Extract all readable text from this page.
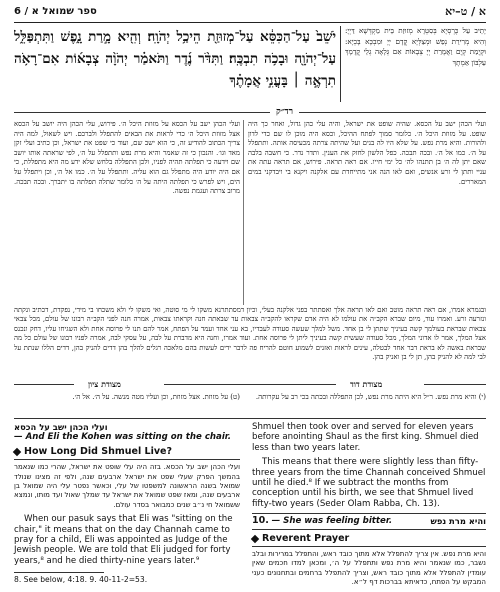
6 / ספר שמואל א	א / ט–יא
יֹשֵׁב֙ עַל־הַכִּסֵּ֔א עַל־מְזוּזַ֖ת הֵיכַ֥ל יְהֹוָֽה׃ וְהִ֖יא מָ֣רַת נָ֑פֶשׁ וַתִּתְפַּלֵּ֥ל עַל־יְהֹוָ֖ה וּבָכֹ֥ה תִבְכֶּֽה׃ וַתִּדֹּ֨ר נֶ֜דֶר וַתֹּאמַ֗ר יְהֹוָ֨ה צְבָא֜וֹת אִם־רָאֹ֥ה תִרְאֶ֣ה ׀ בָּעֳנִ֣י אֲמָתֶ֗ךָ
יָתֵיב עַל כֻּרְסְיָא בְּסִטְרָא מְזוּזַת בֵּית מַקְדְּשָׁא דַּיְיָ: וְהִיא מְרִירַת נְפַשׁ וּמְצַלְּיָא קֳדָם יְיָ וּמִבְכָּא בָּכְיָא: וּקְיָמַת קְיָם וַאֲמָרַת יְיָ צְבָאוֹת אִם גְּלָאָה גְלֵי קֳדָמָךְ עַלְבּוֹן אַמְתָךְ
רד״ק
ועלי הכהן ישב על הכסא על מזוזת היכל ה׳. פירוש, עלי הכהן היה יושב על הכסא אצל מזוזת היכל ה׳ כדי לראות את הבאים להתפלל ולברכם. ויש לשאול, למה היה צריך הכתוב להודיע זה, כי הוא ישב שם, ועוד כי שפט את ישראל, וכן כתיב ועלי זקן מאד וגו׳. והנכון כי זה שאמר והיא מרת נפש ותתפלל על ה׳, לפי שראתה אותו יושב שם וידעה כי תפלתה תהיה לפניו, ולכן התפללה בלחש שלא ידע מה היא מתפללת, כי אם היה יודע היה מתפלל גם הוא עליה. ותתפלל על ה׳. כמו אל ה׳, וכן ויתפלל על הים, ויש לפרש כי תפלתה היתה על ה׳ כלומר שתלה תפלתה בו יתברך. ובכה תבכה. מרוב צרתה ועגמת נפשה.
ועלי הכהן ישב על הכסא. שהיה שופט את ישראל, והיה עלי כהן גדול, ואחר כך היה שופט. על מזוזת היכל ה׳. כלומר סמוך לפתח ההיכל, וכסא היה מוכן לו שם כדי לדון ולהורות. והיא מרת נפש. על שלא היו לה בנים ועל שהיתה צרתה מכעיסה אותה. ותתפלל על ה׳. כמו אל ה׳. ובכה תבכה. כפל הלשון לחזק את הענין. ותדר נדר. כי חשבה בלבה שאם יתן לה ה׳ בן תתנהו לה׳ כל ימי חייו. אם ראה תראה. פירוש, אם תראה עתה את עניי ותתן לי זרע אנשים, ואם לאו הנה אני מתייחדת עם אלקנה ויקנא בי ויבדקני במים המאררים.
ובגמרא אמרו, אם ראה תראה מוטב ואם לאו תראה אלך ואסתתר בפני אלקנה בעלי, וכיון דמסתתרנא משקו לי מי סוטה, ואי משקו לי ולא משכחו בי מידי, נפקדת, דכתיב ונקתה ונזרעה זרע. ואמרו עוד, מיום שברא הקב״ה את עולמו לא היה אדם שקראו להקב״ה צבאות עד שבאתה חנה וקראתו צבאות, אמרה חנה לפני הקב״ה רבונו של עולם, מכל צבאי צבאות שבראת בעולמך קשה בעיניך שתתן לי בן אחד. משל למלך שעשה סעודה לעבדיו, בא עני אחד ועמד על הפתח, אמר להם תנו לי פרוסה אחת ולא השגיחו עליו, דחק ונכנס אצל המלך, אמר לו אדוני המלך, מכל סעודה שעשית קשה בעיניך ליתן לי פרוסה אחת. ועוד אמרו, וחנה היא מדברת על לבה, על עסקי לבה, אמרה לפניו רבונו של עולם כל מה שבראת באשה לא בראת דבר אחד לבטלה, עינים לראות ואזנים לשמוע חוטם להריח פה לדבר ידים לעשות בהם מלאכה רגלים להלך בהן דדים להניק בהן, דדים הללו שנתת על לבי למה לא להניק בהן, תן לי בן ואניק בהן.
מצודת ציון	מצודת דוד
(ט) על מזוזת. אצל מזוזת, וכן ועליו מטה מנשה. על ה׳. אל ה׳.	(י) והיא מרת נפש. ר״ל היא היתה מרת נפש, לכן התפללה ובכתה בכי רב על עקרותה.
ועלי הכהן ישב על הכסא
— And Eli the Kohen was sitting on the chair.
How Long Did Shmuel Live?
ועלי הכהן ישב על הכסא. בזה היה עלי שופט את ישראל, שהרי כמו שנאמר בהמשך הפרק שעלי שפט את ישראל ארבעים שנה, ולפי זה מצינו שנולד שמואל בשנה הראשונה למשפטו של עלי, וכאשר נפטר עלי היה שמואל בן ארבעים שנה, ומאז שפט שמואל את ישראל עד שמלך שאול ועד מותו, ונמצא ששמואל חי נ״ב שנים כמבואר בסדר עולם.

When our pasuk says that Eli was "sitting on the chair," it means that on the day Channah came to pray for a child, Eli was appointed as Judge of the Jewish people. We are told that Eli judged for forty years,⁸ and he died thirty-nine years later.⁹

8. See below, 4:18. 9. 40-11-2=53.

Shmuel then took over and served for eleven years before anointing Shaul as the first king. Shmuel died less than two years later.

This means that there were slightly less than fifty-three years from the time Channah conceived Shmuel until he died.⁸ If we subtract the months from conception until his birth, we see that Shmuel lived fifty-two years (Seder Olam Rabba, Ch. 13).

10. — She was feeling bitter.	והיא מרת נפש
Reverent Prayer
והיא מרת נפש. אין צריך להתפלל אלא מתוך כובד ראש, והתפלל במרירות ובלב נשבר, כמו שנאמר והיא מרת נפש ותתפלל על ה׳, ומכאן למדו חכמים שאין עומדין להתפלל אלא מתוך כובד ראש, וצריך להתפלל ברחמים ובתחנונים כעני המבקש על הפתח, כדאיתא בברכות דף ל״א.
